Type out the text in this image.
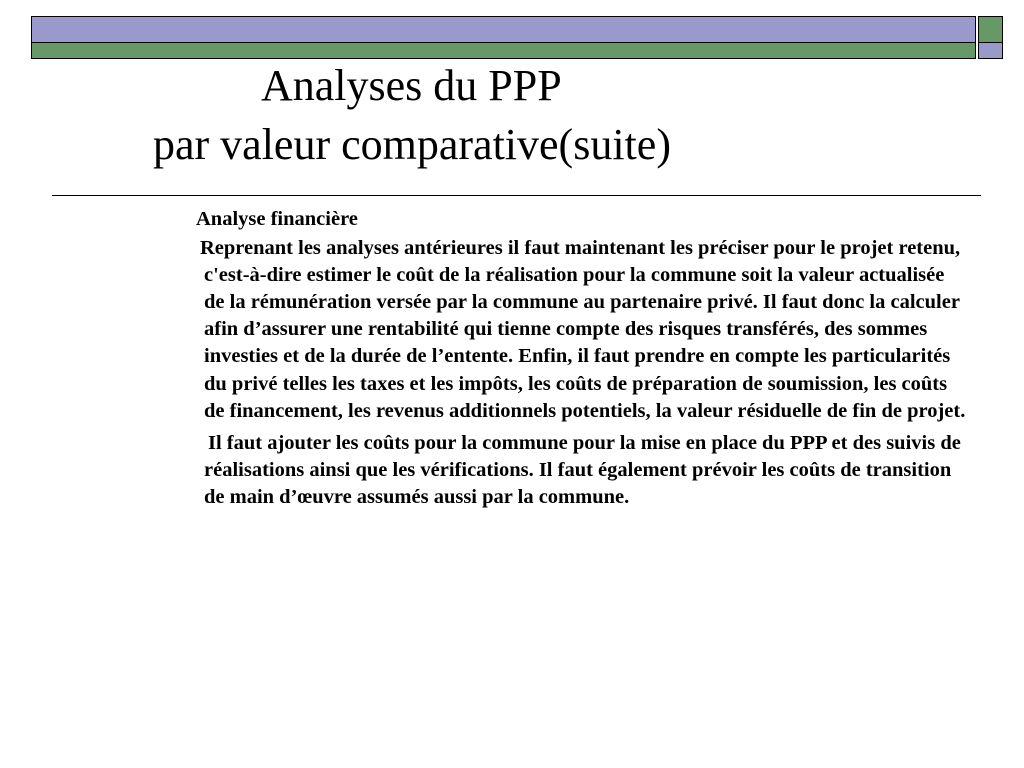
Analyses du PPP
par valeur comparative(suite)

Analyse financière

Reprenant les analyses antérieures il faut maintenant les préciser pour le projet retenu, c'est-à-dire estimer le coût de la réalisation pour la commune soit la valeur actualisée de la rémunération versée par la commune au partenaire privé. Il faut donc la calculer afin d’assurer une rentabilité qui tienne compte des risques transférés, des sommes investies et de la durée de l’entente. Enfin, il faut prendre en compte les particularités du privé telles les taxes et les impôts, les coûts de préparation de soumission, les coûts de financement, les revenus additionnels potentiels, la valeur résiduelle de fin de projet.

Il faut ajouter les coûts pour la commune pour la mise en place du PPP et des suivis de réalisations ainsi que les vérifications. Il faut également prévoir les coûts de transition de main d’œuvre assumés aussi par la commune.
